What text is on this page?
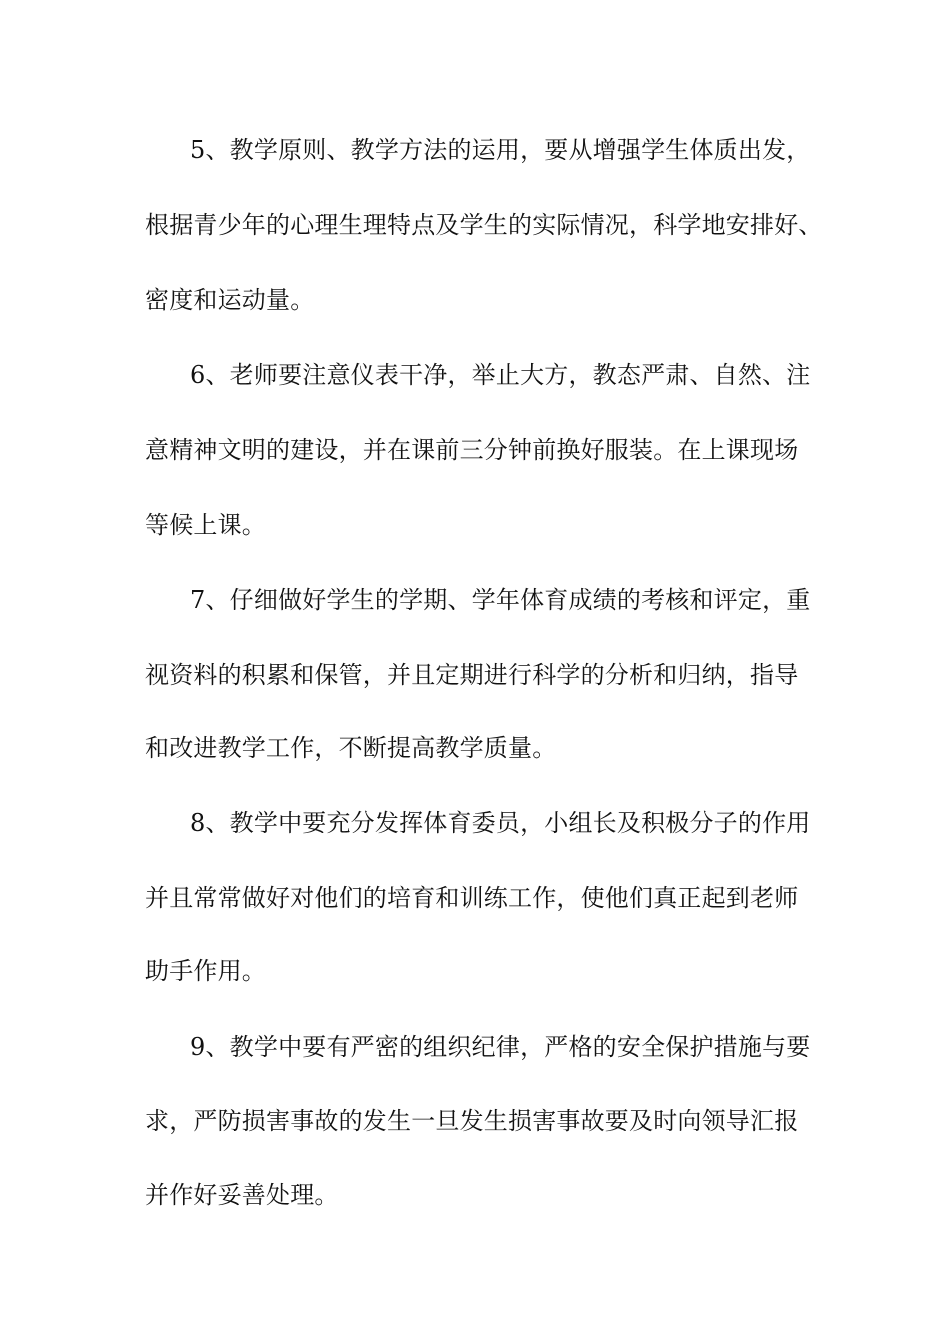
5、教学原则、教学方法的运用，要从增强学生体质出发，
根据青少年的心理生理特点及学生的实际情况，科学地安排好、
密度和运动量。
6、老师要注意仪表干净，举止大方，教态严肃、自然、注
意精神文明的建设，并在课前三分钟前换好服装。在上课现场
等候上课。
7、仔细做好学生的学期、学年体育成绩的考核和评定，重
视资料的积累和保管，并且定期进行科学的分析和归纳，指导
和改进教学工作，不断提高教学质量。
8、教学中要充分发挥体育委员，小组长及积极分子的作用
并且常常做好对他们的培育和训练工作，使他们真正起到老师
助手作用。
9、教学中要有严密的组织纪律，严格的安全保护措施与要
求，严防损害事故的发生一旦发生损害事故要及时向领导汇报
并作好妥善处理。
